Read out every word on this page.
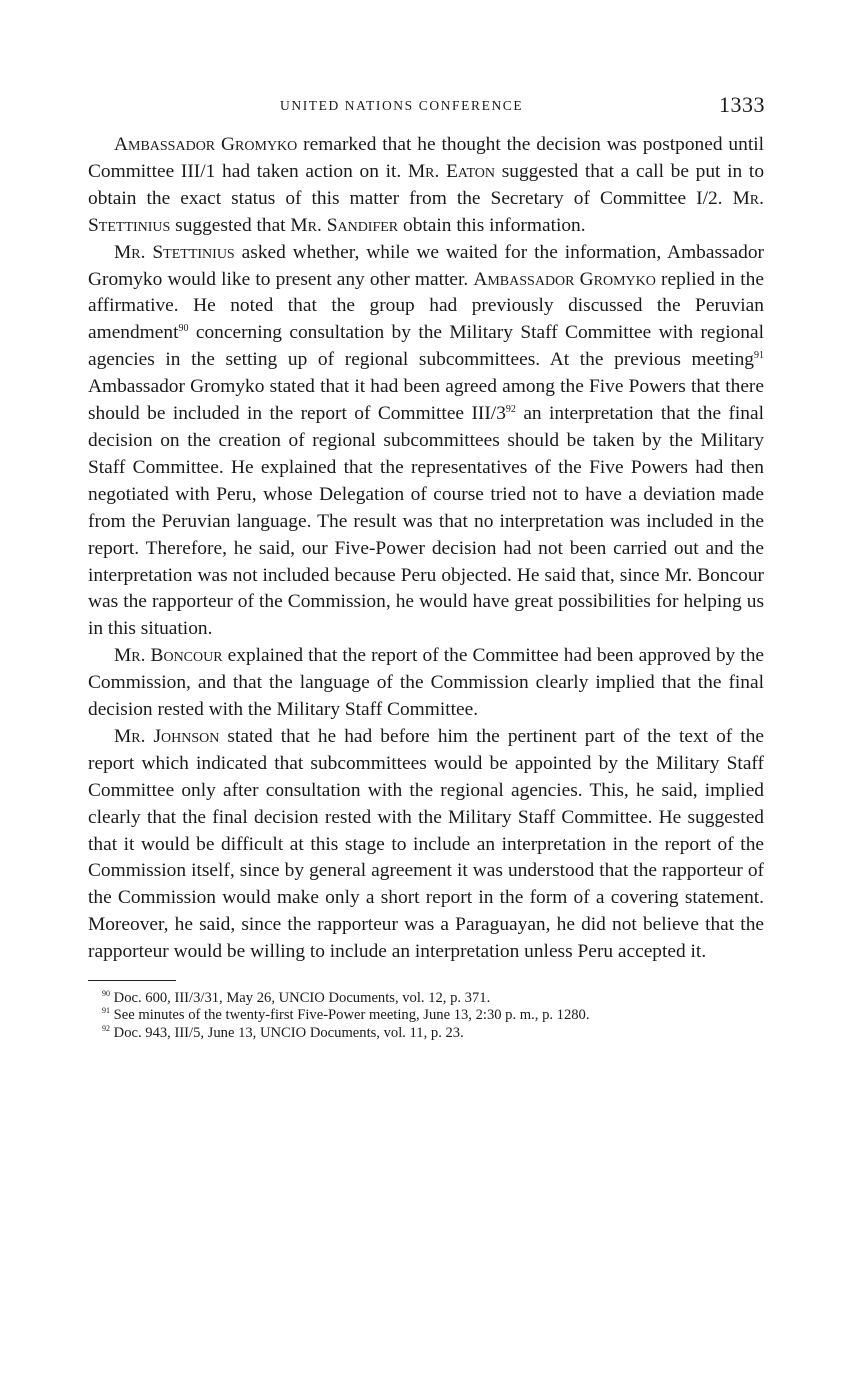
UNITED NATIONS CONFERENCE	1333

Ambassador Gromyko remarked that he thought the decision was postponed until Committee III/1 had taken action on it. Mr. Eaton suggested that a call be put in to obtain the exact status of this matter from the Secretary of Committee I/2. Mr. Stettinius suggested that Mr. Sandifer obtain this information.

Mr. Stettinius asked whether, while we waited for the information, Ambassador Gromyko would like to present any other matter. Ambassador Gromyko replied in the affirmative. He noted that the group had previously discussed the Peruvian amendment$^{90}$ concerning consultation by the Military Staff Committee with regional agencies in the setting up of regional subcommittees. At the previous meeting$^{91}$ Ambassador Gromyko stated that it had been agreed among the Five Powers that there should be included in the report of Committee III/$3^{92}$ an interpretation that the final decision on the creation of regional subcommittees should be taken by the Military Staff Committee. He explained that the representatives of the Five Powers had then negotiated with Peru, whose Delegation of course tried not to have a deviation made from the Peruvian language. The result was that no interpretation was included in the report. Therefore, he said, our Five-Power decision had not been carried out and the interpretation was not included because Peru objected. He said that, since Mr. Boncour was the rapporteur of the Commission, he would have great possibilities for helping us in this situation.

Mr. Boncour explained that the report of the Committee had been approved by the Commission, and that the language of the Commission clearly implied that the final decision rested with the Military Staff Committee.

Mr. Johnson stated that he had before him the pertinent part of the text of the report which indicated that subcommittees would be appointed by the Military Staff Committee only after consultation with the regional agencies. This, he said, implied clearly that the final decision rested with the Military Staff Committee. He suggested that it would be difficult at this stage to include an interpretation in the report of the Commission itself, since by general agreement it was understood that the rapporteur of the Commission would make only a short report in the form of a covering statement. Moreover, he said, since the rapporteur was a Paraguayan, he did not believe that the rapporteur would be willing to include an interpretation unless Peru accepted it.

$^{90}$ Doc. 600, III/3/31, May 26, UNCIO Documents, vol. 12, p. 371.

$^{91}$ See minutes of the twenty-first Five-Power meeting, June 13, 2:30 p. m., p. 1280.

$^{92}$ Doc. 943, III/5, June 13, UNCIO Documents, vol. 11, p. 23.
